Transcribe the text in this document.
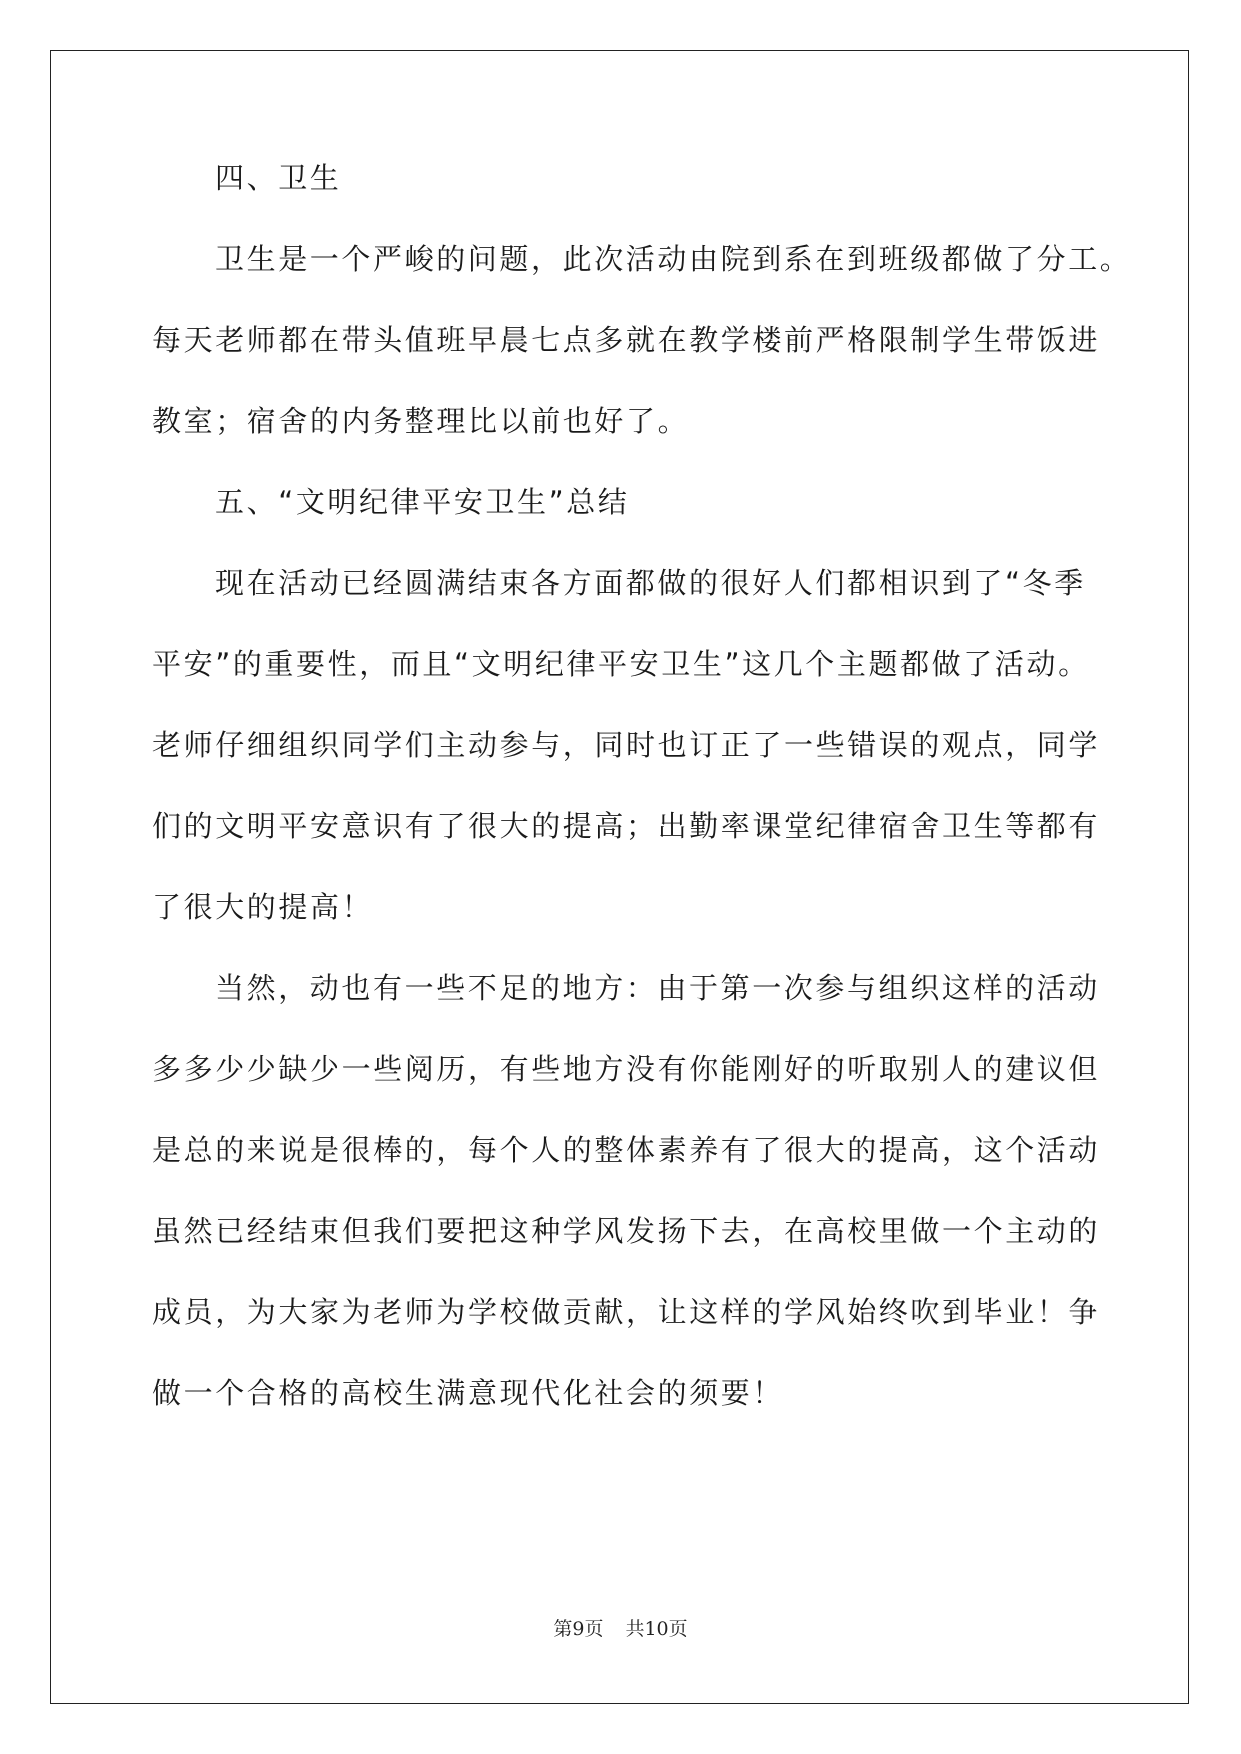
四、卫生
卫生是一个严峻的问题，此次活动由院到系在到班级都做了分工。
每天老师都在带头值班早晨七点多就在教学楼前严格限制学生带饭进
教室；宿舍的内务整理比以前也好了。
五、“文明纪律平安卫生”总结
现在活动已经圆满结束各方面都做的很好人们都相识到了“冬季
平安”的重要性，而且“文明纪律平安卫生”这几个主题都做了活动。
老师仔细组织同学们主动参与，同时也订正了一些错误的观点，同学
们的文明平安意识有了很大的提高；出勤率课堂纪律宿舍卫生等都有
了很大的提高！
当然，动也有一些不足的地方：由于第一次参与组织这样的活动
多多少少缺少一些阅历，有些地方没有你能刚好的听取别人的建议但
是总的来说是很棒的，每个人的整体素养有了很大的提高，这个活动
虽然已经结束但我们要把这种学风发扬下去，在高校里做一个主动的
成员，为大家为老师为学校做贡献，让这样的学风始终吹到毕业！争
做一个合格的高校生满意现代化社会的须要！
第9页 共10页
